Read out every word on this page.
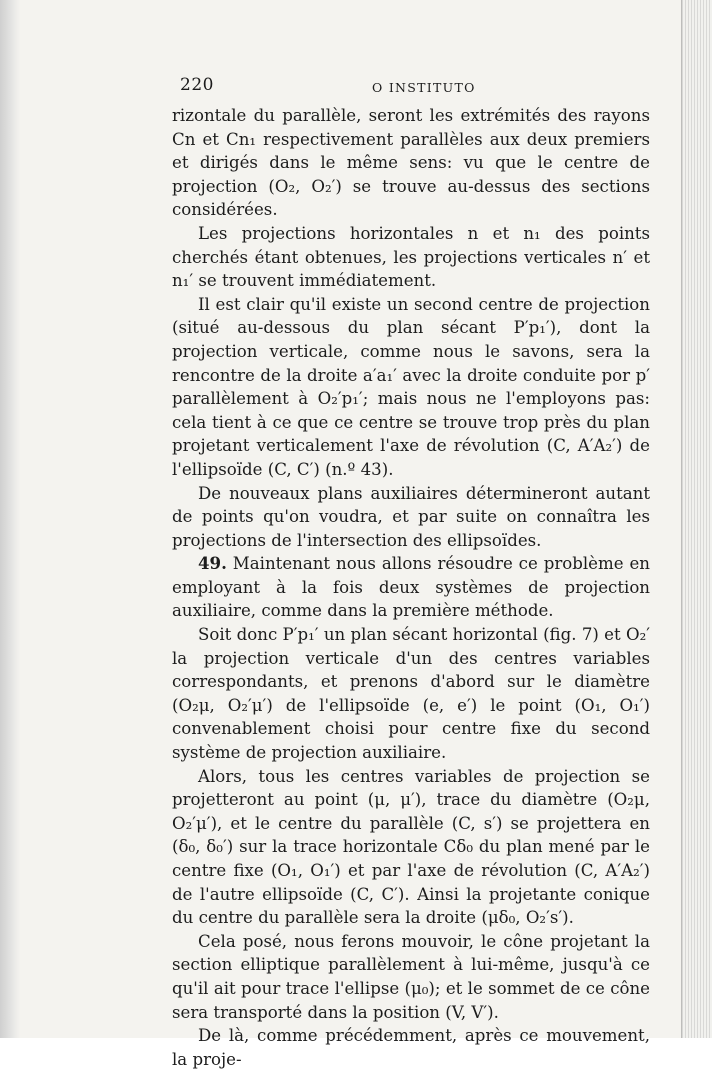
220	O INSTITUTO

rizontale du parallèle, seront les extrémités des rayons Cn et Cn₁ respectivement parallèles aux deux premiers et dirigés dans le même sens: vu que le centre de projection (O₂, O₂′) se trouve au-dessus des sections considérées.

Les projections horizontales n et n₁ des points cherchés étant obtenues, les projections verticales n′ et n₁′ se trouvent immédiatement.

Il est clair qu'il existe un second centre de projection (situé au-dessous du plan sécant P′p₁′), dont la projection verticale, comme nous le savons, sera la rencontre de la droite a′a₁′ avec la droite conduite por p′ parallèlement à O₂′p₁′; mais nous ne l'employons pas: cela tient à ce que ce centre se trouve trop près du plan projetant verticalement l'axe de révolution (C, A′A₂′) de l'ellipsoïde (C, C′) (n.º 43).

De nouveaux plans auxiliaires détermineront autant de points qu'on voudra, et par suite on connaîtra les projections de l'intersection des ellipsoïdes.

49. Maintenant nous allons résoudre ce problème en employant à la fois deux systèmes de projection auxiliaire, comme dans la première méthode.

Soit donc P′p₁′ un plan sécant horizontal (fig. 7) et O₂′ la projection verticale d'un des centres variables correspondants, et prenons d'abord sur le diamètre (O₂μ, O₂′μ′) de l'ellipsoïde (e, e′) le point (O₁, O₁′) convenablement choisi pour centre fixe du second système de projection auxiliaire.

Alors, tous les centres variables de projection se projetteront au point (μ, μ′), trace du diamètre (O₂μ, O₂′μ′), et le centre du parallèle (C, s′) se projettera en (δ₀, δ₀′) sur la trace horizontale Cδ₀ du plan mené par le centre fixe (O₁, O₁′) et par l'axe de révolution (C, A′A₂′) de l'autre ellipsoïde (C, C′). Ainsi la projetante conique du centre du parallèle sera la droite (μδ₀, O₂′s′).

Cela posé, nous ferons mouvoir, le cône projetant la section elliptique parallèlement à lui-même, jusqu'à ce qu'il ait pour trace l'ellipse (μ₀); et le sommet de ce cône sera transporté dans la position (V, V′).

De là, comme précédemment, après ce mouvement, la proje-
